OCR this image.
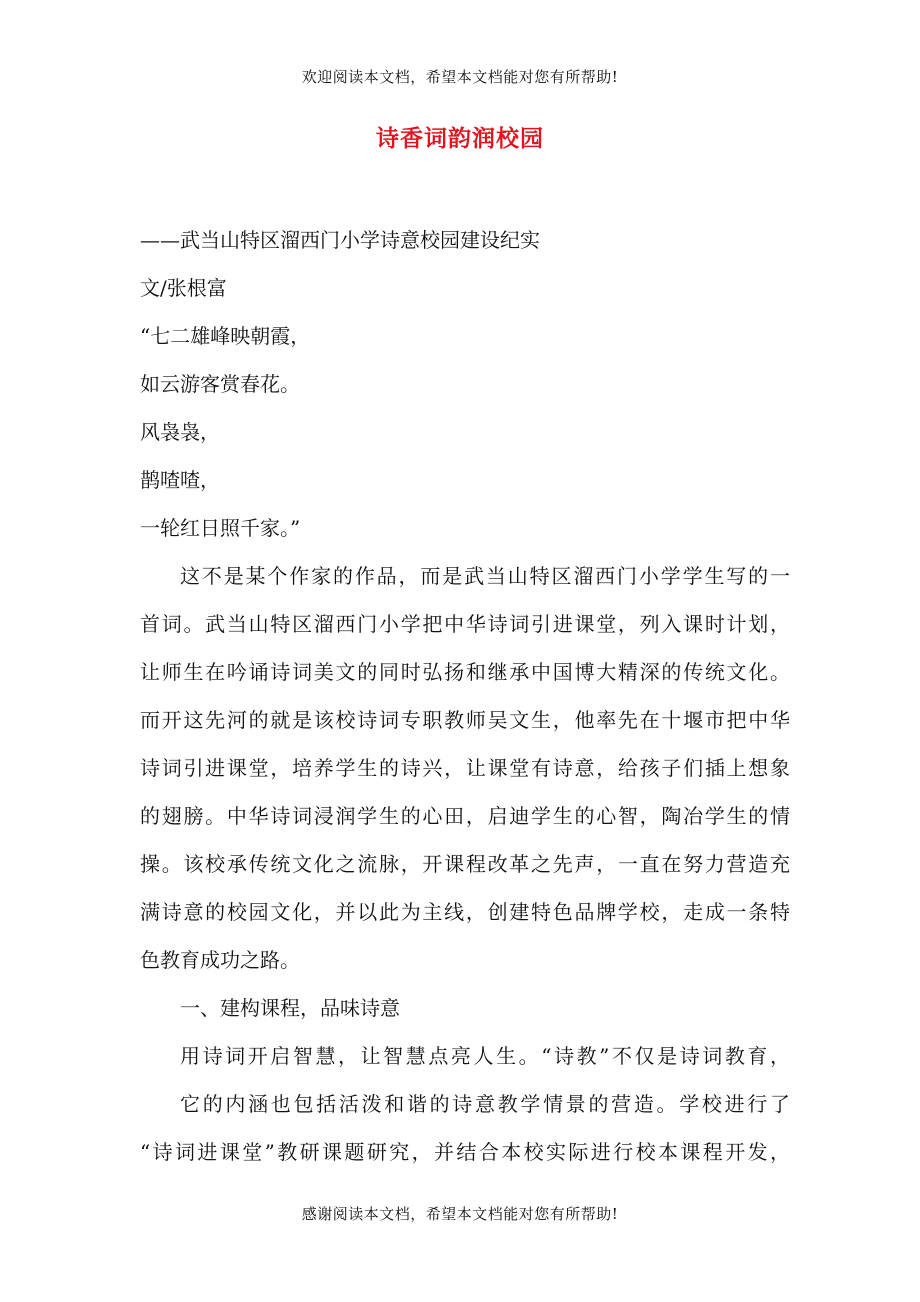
欢迎阅读本文档，希望本文档能对您有所帮助!
诗香词韵润校园
——武当山特区溜西门小学诗意校园建设纪实
文/张根富
“七二雄峰映朝霞，
如云游客赏春花。
风袅袅，
鹊喳喳，
一轮红日照千家。”
这不是某个作家的作品，而是武当山特区溜西门小学学生写的一
首词。武当山特区溜西门小学把中华诗词引进课堂，列入课时计划，
让师生在吟诵诗词美文的同时弘扬和继承中国博大精深的传统文化。
而开这先河的就是该校诗词专职教师吴文生，他率先在十堰市把中华
诗词引进课堂，培养学生的诗兴，让课堂有诗意，给孩子们插上想象
的翅膀。中华诗词浸润学生的心田，启迪学生的心智，陶冶学生的情
操。该校承传统文化之流脉，开课程改革之先声，一直在努力营造充
满诗意的校园文化，并以此为主线，创建特色品牌学校，走成一条特
色教育成功之路。
一、建构课程，品味诗意
用诗词开启智慧，让智慧点亮人生。“诗教”不仅是诗词教育，
它的内涵也包括活泼和谐的诗意教学情景的营造。学校进行了
“诗词进课堂”教研课题研究，并结合本校实际进行校本课程开发，
感谢阅读本文档，希望本文档能对您有所帮助!
